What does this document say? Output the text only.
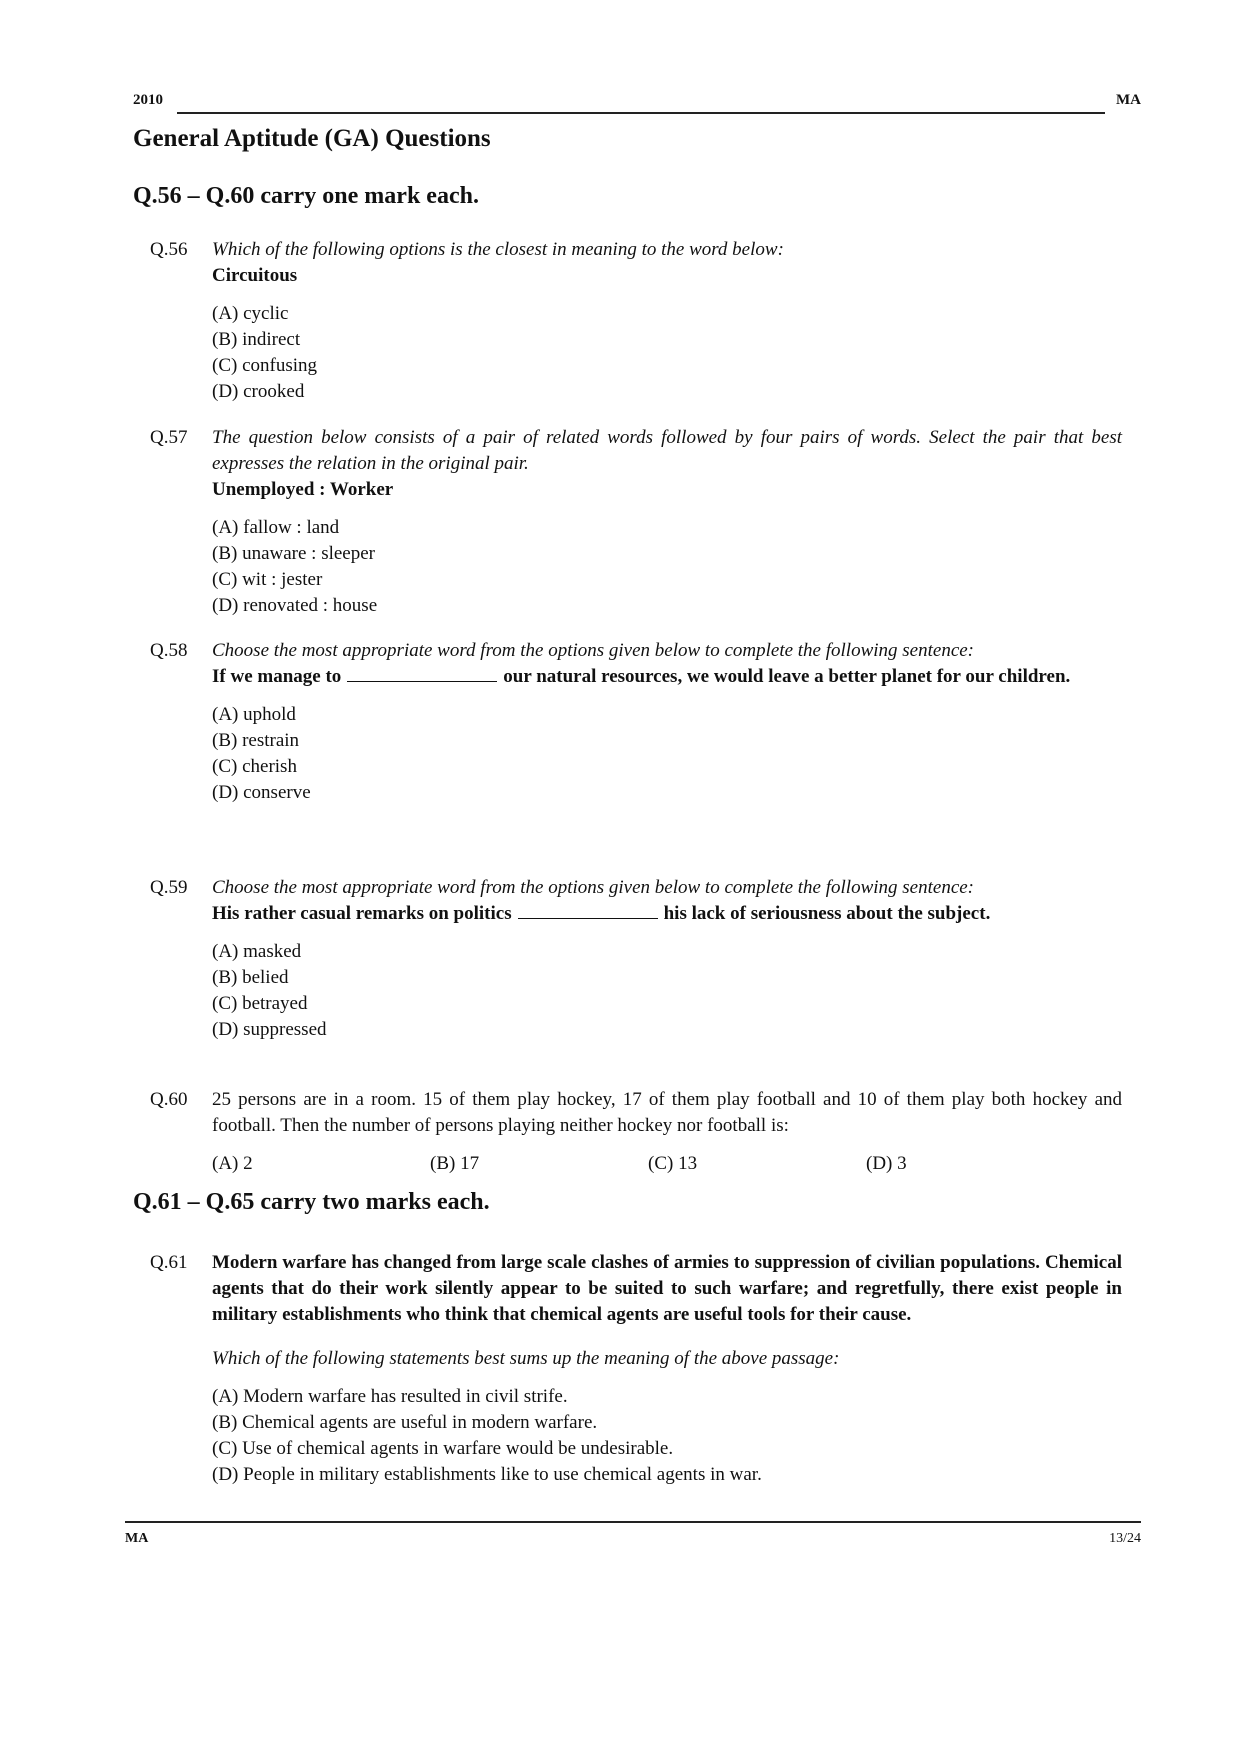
2010	MA
General Aptitude (GA) Questions
Q.56 – Q.60 carry one mark each.
Q.56	Which of the following options is the closest in meaning to the word below:
Circuitous
(A) cyclic
(B) indirect
(C) confusing
(D) crooked
Q.57	The question below consists of a pair of related words followed by four pairs of words. Select the pair that best expresses the relation in the original pair.
Unemployed : Worker
(A) fallow : land
(B) unaware : sleeper
(C) wit : jester
(D) renovated : house
Q.58	Choose the most appropriate word from the options given below to complete the following sentence:
If we manage to	our natural resources, we would leave a better planet for our children.
(A) uphold
(B) restrain
(C) cherish
(D) conserve
Q.59	Choose the most appropriate word from the options given below to complete the following sentence:
His rather casual remarks on politics	his lack of seriousness about the subject.
(A) masked
(B) belied
(C) betrayed
(D) suppressed
Q.60	25 persons are in a room. 15 of them play hockey, 17 of them play football and 10 of them play both hockey and football. Then the number of persons playing neither hockey nor football is:
(A) 2	(B) 17	(C) 13	(D) 3
Q.61 – Q.65 carry two marks each.
Q.61	Modern warfare has changed from large scale clashes of armies to suppression of civilian populations. Chemical agents that do their work silently appear to be suited to such warfare; and regretfully, there exist people in military establishments who think that chemical agents are useful tools for their cause.
Which of the following statements best sums up the meaning of the above passage:
(A) Modern warfare has resulted in civil strife.
(B) Chemical agents are useful in modern warfare.
(C) Use of chemical agents in warfare would be undesirable.
(D) People in military establishments like to use chemical agents in war.
MA	13/24
